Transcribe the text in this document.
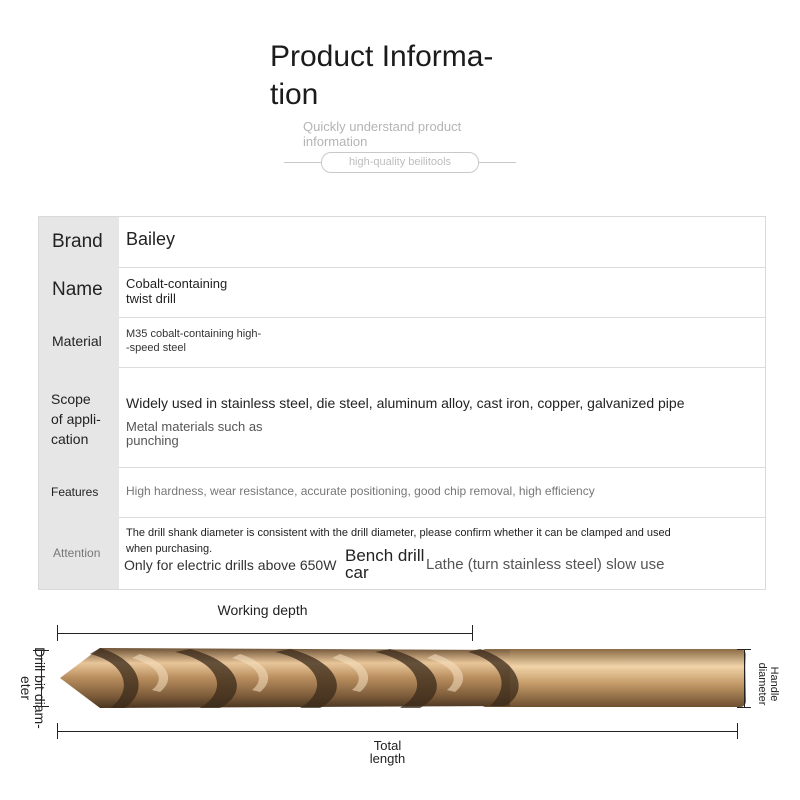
Product Informa-
tion
Quickly understand product
information
high-quality beilitools
Brand Bailey
Name Cobalt-containing
twist drill
Material M35 cobalt-containing high-
-speed steel
Scope
of appli-
cation
Widely used in stainless steel, die steel, aluminum alloy, cast iron, copper, galvanized pipe
Metal materials such as
punching
Features High hardness, wear resistance, accurate positioning, good chip removal, high efficiency
Attention
The drill shank diameter is consistent with the drill diameter, please confirm whether it can be clamped and used
when purchasing.
Only for electric drills above 650W Bench drill
car	Lathe (turn stainless steel) slow use
Working depth
Drill bit diam-
eter	Handle
diameter
Total
length
